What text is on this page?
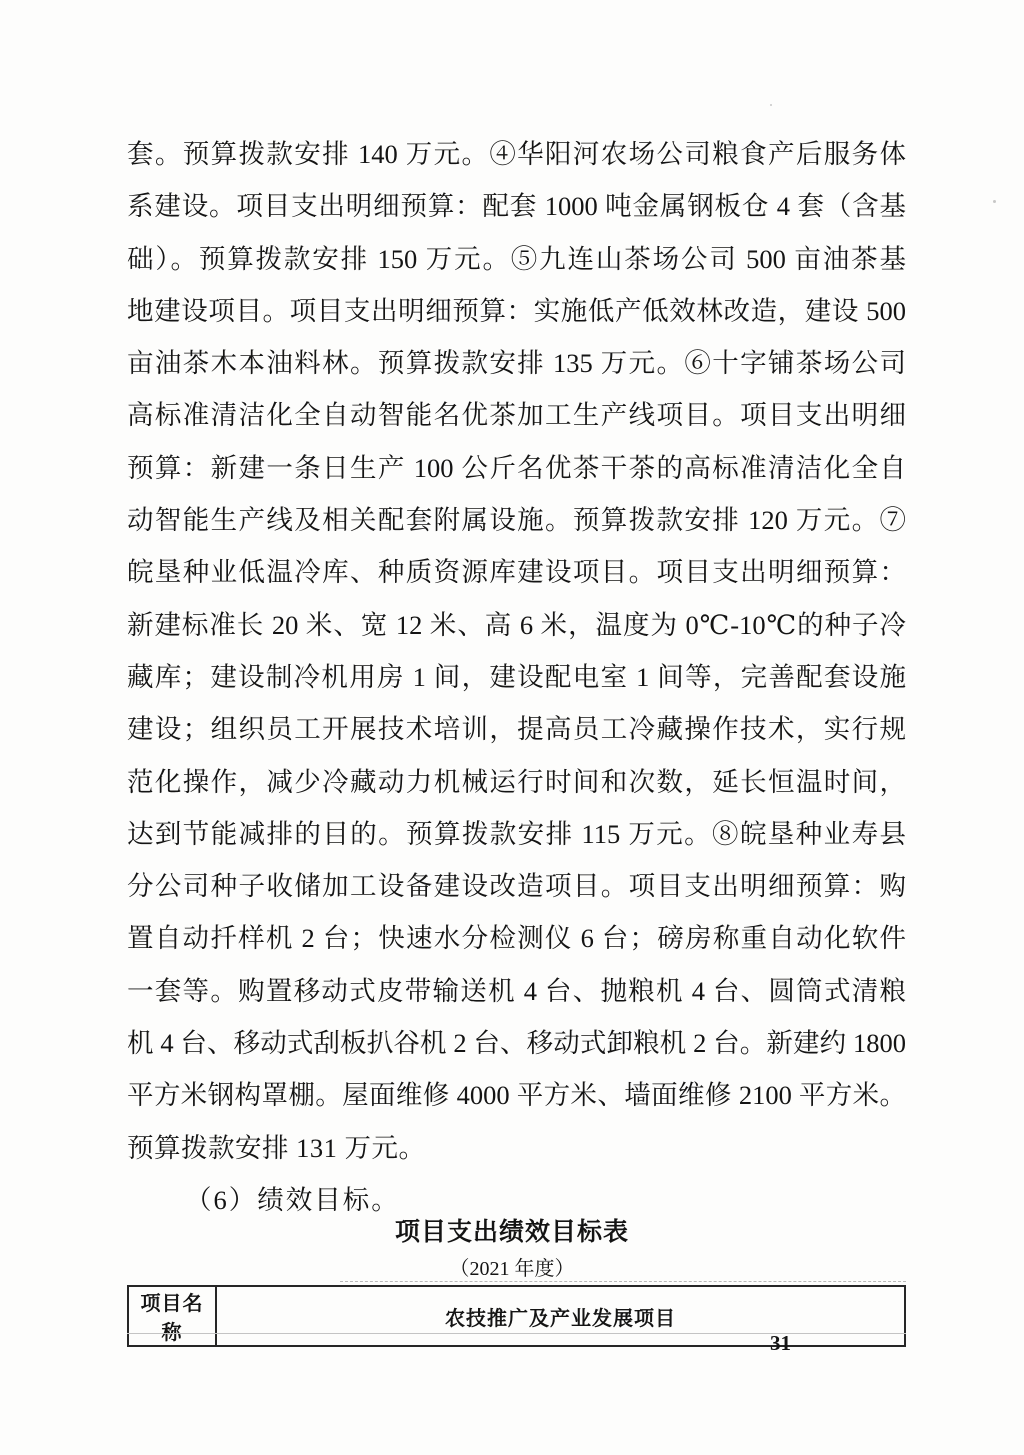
套。预算拨款安排 140 万元。④华阳河农场公司粮食产后服务体
系建设。项目支出明细预算：配套 1000 吨金属钢板仓 4 套（含基
础）。预算拨款安排 150 万元。⑤九连山茶场公司 500 亩油茶基
地建设项目。项目支出明细预算：实施低产低效林改造，建设 500
亩油茶木本油料林。预算拨款安排 135 万元。⑥十字铺茶场公司
高标准清洁化全自动智能名优茶加工生产线项目。项目支出明细
预算：新建一条日生产 100 公斤名优茶干茶的高标准清洁化全自
动智能生产线及相关配套附属设施。预算拨款安排 120 万元。⑦
皖垦种业低温冷库、种质资源库建设项目。项目支出明细预算：
新建标准长 20 米、宽 12 米、高 6 米，温度为 0℃-10℃的种子冷
藏库；建设制冷机用房 1 间，建设配电室 1 间等，完善配套设施
建设；组织员工开展技术培训，提高员工冷藏操作技术，实行规
范化操作，减少冷藏动力机械运行时间和次数，延长恒温时间，
达到节能减排的目的。预算拨款安排 115 万元。⑧皖垦种业寿县
分公司种子收储加工设备建设改造项目。项目支出明细预算：购
置自动扦样机 2 台；快速水分检测仪 6 台；磅房称重自动化软件
一套等。购置移动式皮带输送机 4 台、抛粮机 4 台、圆筒式清粮
机 4 台、移动式刮板扒谷机 2 台、移动式卸粮机 2 台。新建约 1800
平方米钢构罩棚。屋面维修 4000 平方米、墙面维修 2100 平方米。
预算拨款安排 131 万元。
（6）绩效目标。
项目支出绩效目标表
（2021 年度）
项目名称	农技推广及产业发展项目
31
